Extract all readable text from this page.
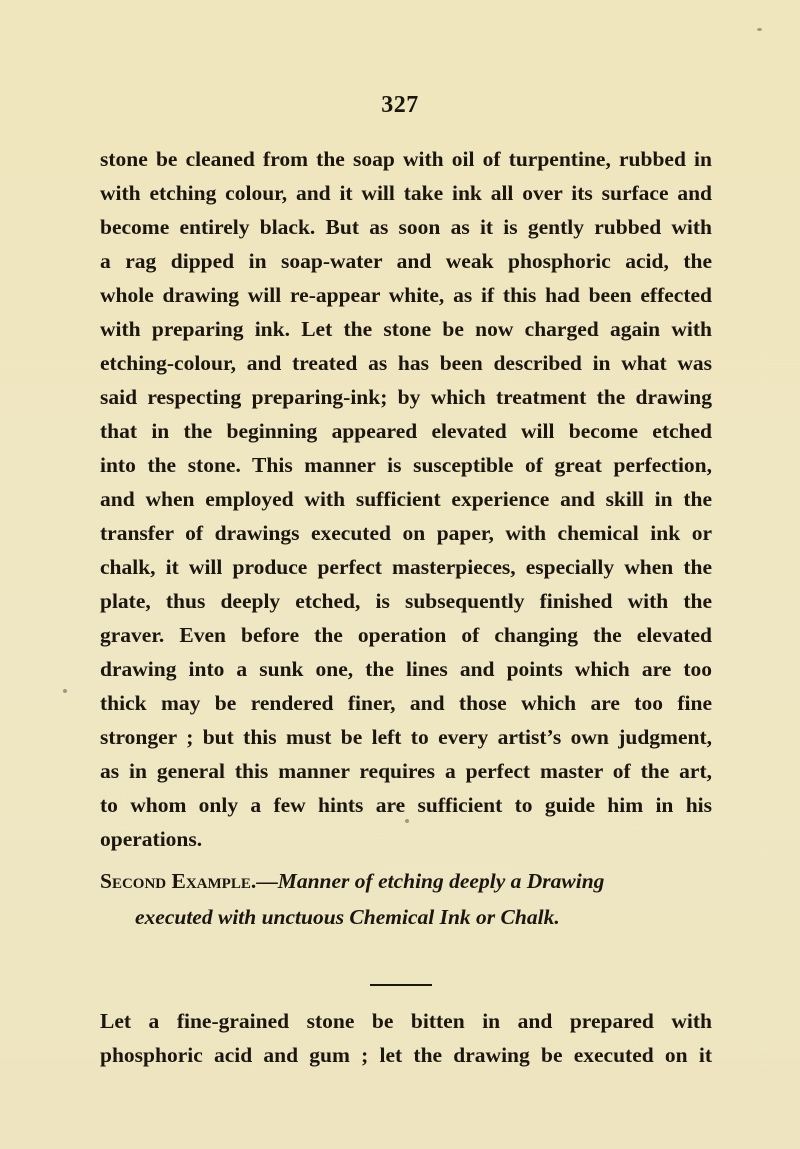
327
stone be cleaned from the soap with oil of turpentine, rubbed in
with etching colour, and it will take ink all over its surface and
become entirely black. But as soon as it is gently rubbed with
a rag dipped in soap-water and weak phosphoric acid, the
whole drawing will re-appear white, as if this had been effected
with preparing ink. Let the stone be now charged again with
etching-colour, and treated as has been described in what was
said respecting preparing-ink; by which treatment the drawing
that in the beginning appeared elevated will become etched
into the stone. This manner is susceptible of great perfection,
and when employed with sufficient experience and skill in the
transfer of drawings executed on paper, with chemical ink or
chalk, it will produce perfect masterpieces, especially when the
plate, thus deeply etched, is subsequently finished with the
graver. Even before the operation of changing the elevated
drawing into a sunk one, the lines and points which are too
thick may be rendered finer, and those which are too fine
stronger ; but this must be left to every artist’s own judgment,
as in general this manner requires a perfect master of the art,
to whom only a few hints are sufficient to guide him in his
operations.
Second Example.—Manner of etching deeply a Drawing
executed with unctuous Chemical Ink or Chalk.
Let a fine-grained stone be bitten in and prepared with
phosphoric acid and gum ; let the drawing be executed on it
